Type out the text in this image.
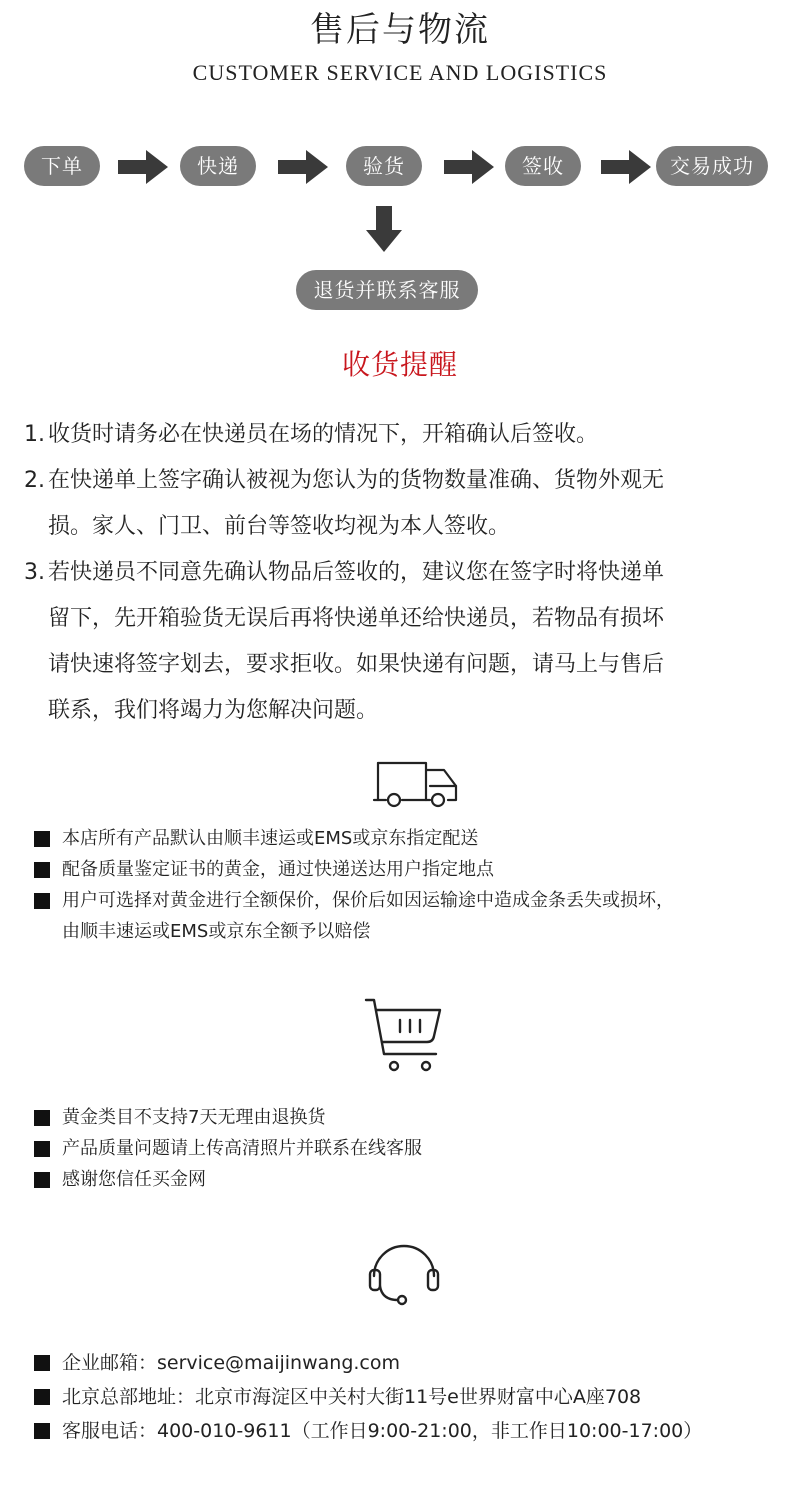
售后与物流
CUSTOMER SERVICE AND LOGISTICS
下单	快递	验货	签收	交易成功
退货并联系客服
收货提醒
1. 收货时请务必在快递员在场的情况下，开箱确认后签收。
2. 在快递单上签字确认被视为您认为的货物数量准确、货物外观无
损。家人、门卫、前台等签收均视为本人签收。
3. 若快递员不同意先确认物品后签收的，建议您在签字时将快递单
留下，先开箱验货无误后再将快递单还给快递员，若物品有损坏
请快速将签字划去，要求拒收。如果快递有问题，请马上与售后
联系，我们将竭力为您解决问题。
本店所有产品默认由顺丰速运或EMS或京东指定配送
配备质量鉴定证书的黄金，通过快递送达用户指定地点
用户可选择对黄金进行全额保价，保价后如因运输途中造成金条丢失或损坏，
由顺丰速运或EMS或京东全额予以赔偿
黄金类目不支持7天无理由退换货
产品质量问题请上传高清照片并联系在线客服
感谢您信任买金网
企业邮箱：service@maijinwang.com
北京总部地址：北京市海淀区中关村大街11号e世界财富中心A座708
客服电话：400-010-9611（工作日9:00-21:00，非工作日10:00-17:00）
